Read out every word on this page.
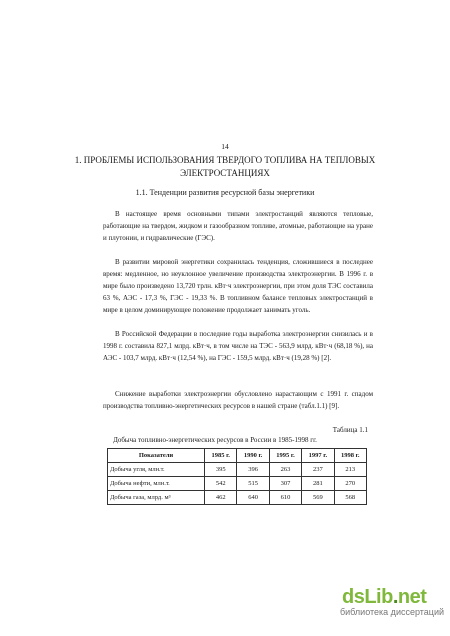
14
1. ПРОБЛЕМЫ ИСПОЛЬЗОВАНИЯ ТВЕРДОГО ТОПЛИВА НА ТЕПЛОВЫХ ЭЛЕКТРОСТАНЦИЯХ
1.1. Тенденции развития ресурсной базы энергетики

В настоящее время основными типами электростанций являются тепловые, работающие на твердом, жидком и газообразном топливе, атомные, работающие на уране и плутонии, и гидравлические (ГЭС).

В развитии мировой энергетики сохранилась тенденция, сложившиеся в последнее время: медленное, но неуклонное увеличение производства электроэнергии. В 1996 г. в мире было произведено 13,720 трлн. кВт·ч электроэнергии, при этом доля ТЭС составила 63 %, АЭС - 17,3 %, ГЭС - 19,33 %. В топливном балансе тепловых электростанций в мире в целом доминирующее положение продолжает занимать уголь.

В Российской Федерации в последние годы выработка электроэнергии снизилась и в 1998 г. составила 827,1 млрд. кВт·ч, в том числе на ТЭС - 563,9 млрд. кВт·ч (68,18 %), на АЭС - 103,7 млрд. кВт·ч (12,54 %), на ГЭС - 159,5 млрд. кВт·ч (19,28 %) [2].

Снижение выработки электроэнергии обусловлено нарастающим с 1991 г. спадом производства топливно-энергетических ресурсов в нашей стране (табл.1.1) [9].

Таблица 1.1
Добыча топливно-энергетических ресурсов в России в 1985-1998 гг.
Показатели	1985 г.	1990 г.	1995 г.	1997 г.	1998 г.
Добыча угля, млн.т.	395	396	263	237	213
Добыча нефти, млн.т.	542	515	307	281	270
Добыча газа, млрд. м³	462	640	610	569	568
dsLib.net
библиотека диссертаций
